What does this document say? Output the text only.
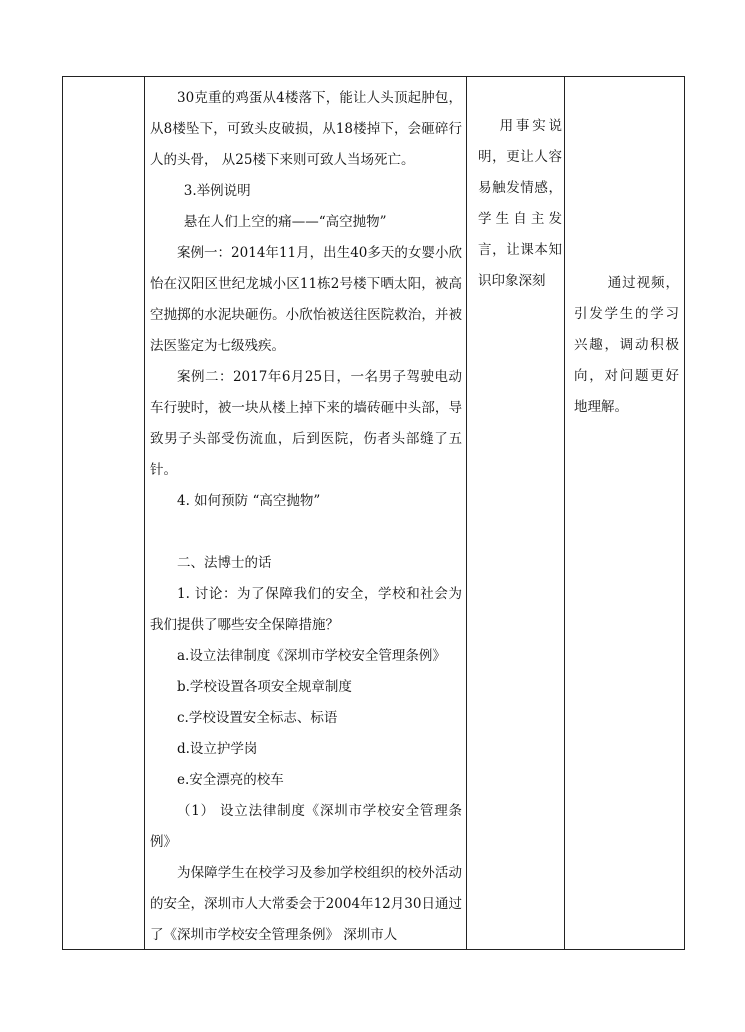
30克重的鸡蛋从4楼落下，能让人头顶起肿包，从8楼坠下，可致头皮破损，从18楼掉下，会砸碎行人的头骨， 从25楼下来则可致人当场死亡。

3.举例说明

悬在人们上空的痛——“高空抛物”

案例一：2014年11月，出生40多天的女婴小欣怡在汉阳区世纪龙城小区11栋2号楼下晒太阳，被高空抛掷的水泥块砸伤。小欣怡被送往医院救治，并被法医鉴定为七级残疾。

案例二：2017年6月25日，一名男子驾驶电动车行驶时，被一块从楼上掉下来的墙砖砸中头部，导致男子头部受伤流血，后到医院，伤者头部缝了五针。

4. 如何预防 “高空抛物”

二、法博士的话

1. 讨论：为了保障我们的安全，学校和社会为我们提供了哪些安全保障措施？

a.设立法律制度《深圳市学校安全管理条例》

b.学校设置各项安全规章制度

c.学校设置安全标志、标语

d.设立护学岗

e.安全漂亮的校车

（1） 设立法律制度《深圳市学校安全管理条例》

为保障学生在校学习及参加学校组织的校外活动的安全，深圳市人大常委会于2004年12月30日通过了《深圳市学校安全管理条例》 深圳市人

用事实说明，更让人容易触发情感，学生自主发言，让课本知识印象深刻	通过视频，引发学生的学习兴趣，调动积极向，对问题更好地理解。
